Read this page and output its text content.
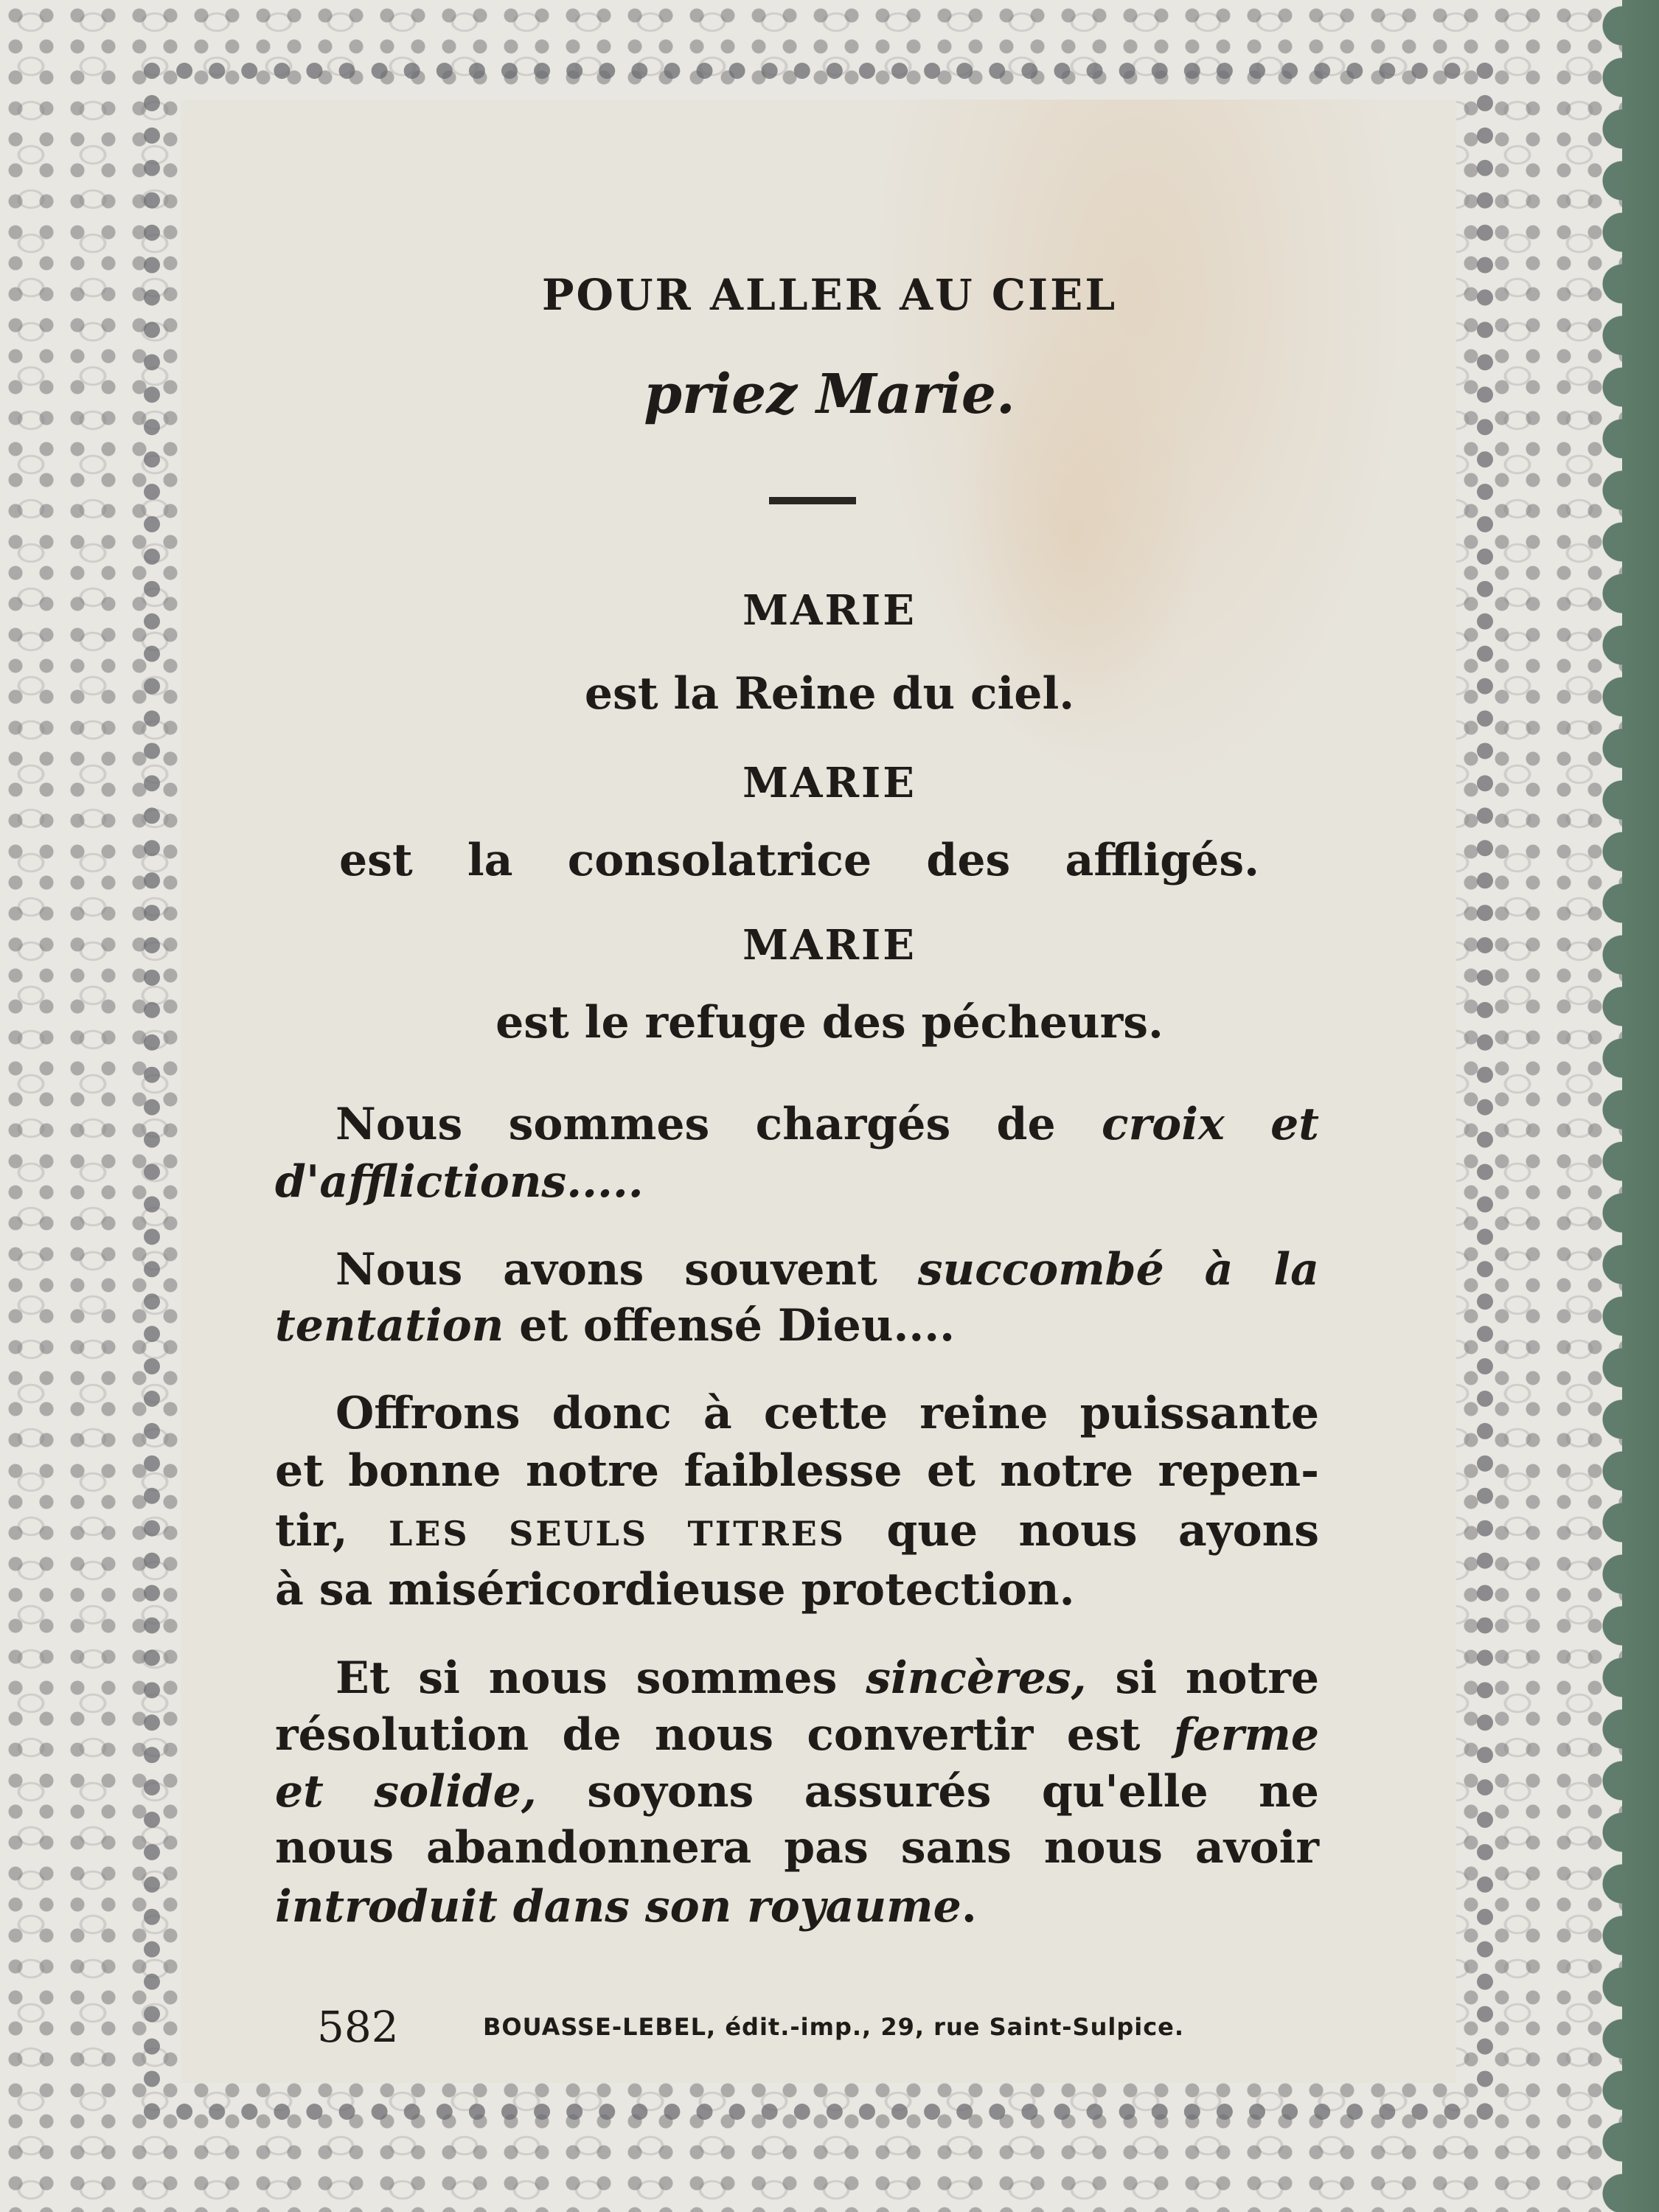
POUR ALLER AU CIEL
priez Marie.
MARIE
est la Reine du ciel.
MARIE
est la consolatrice des affligés.
MARIE
est le refuge des pécheurs.
Nous sommes chargés de croix et
d'afflictions.....
Nous avons souvent succombé à la
tentation et offensé Dieu....
Offrons donc à cette reine puissante
et bonne notre faiblesse et notre repen-
tir, LES SEULS TITRES que nous ayons
à sa miséricordieuse protection.
Et si nous sommes sincères, si notre
résolution de nous convertir est ferme
et solide, soyons assurés qu'elle ne
nous abandonnera pas sans nous avoir
introduit dans son royaume.
582	BOUASSE-LEBEL, édit.-imp., 29, rue Saint-Sulpice.
